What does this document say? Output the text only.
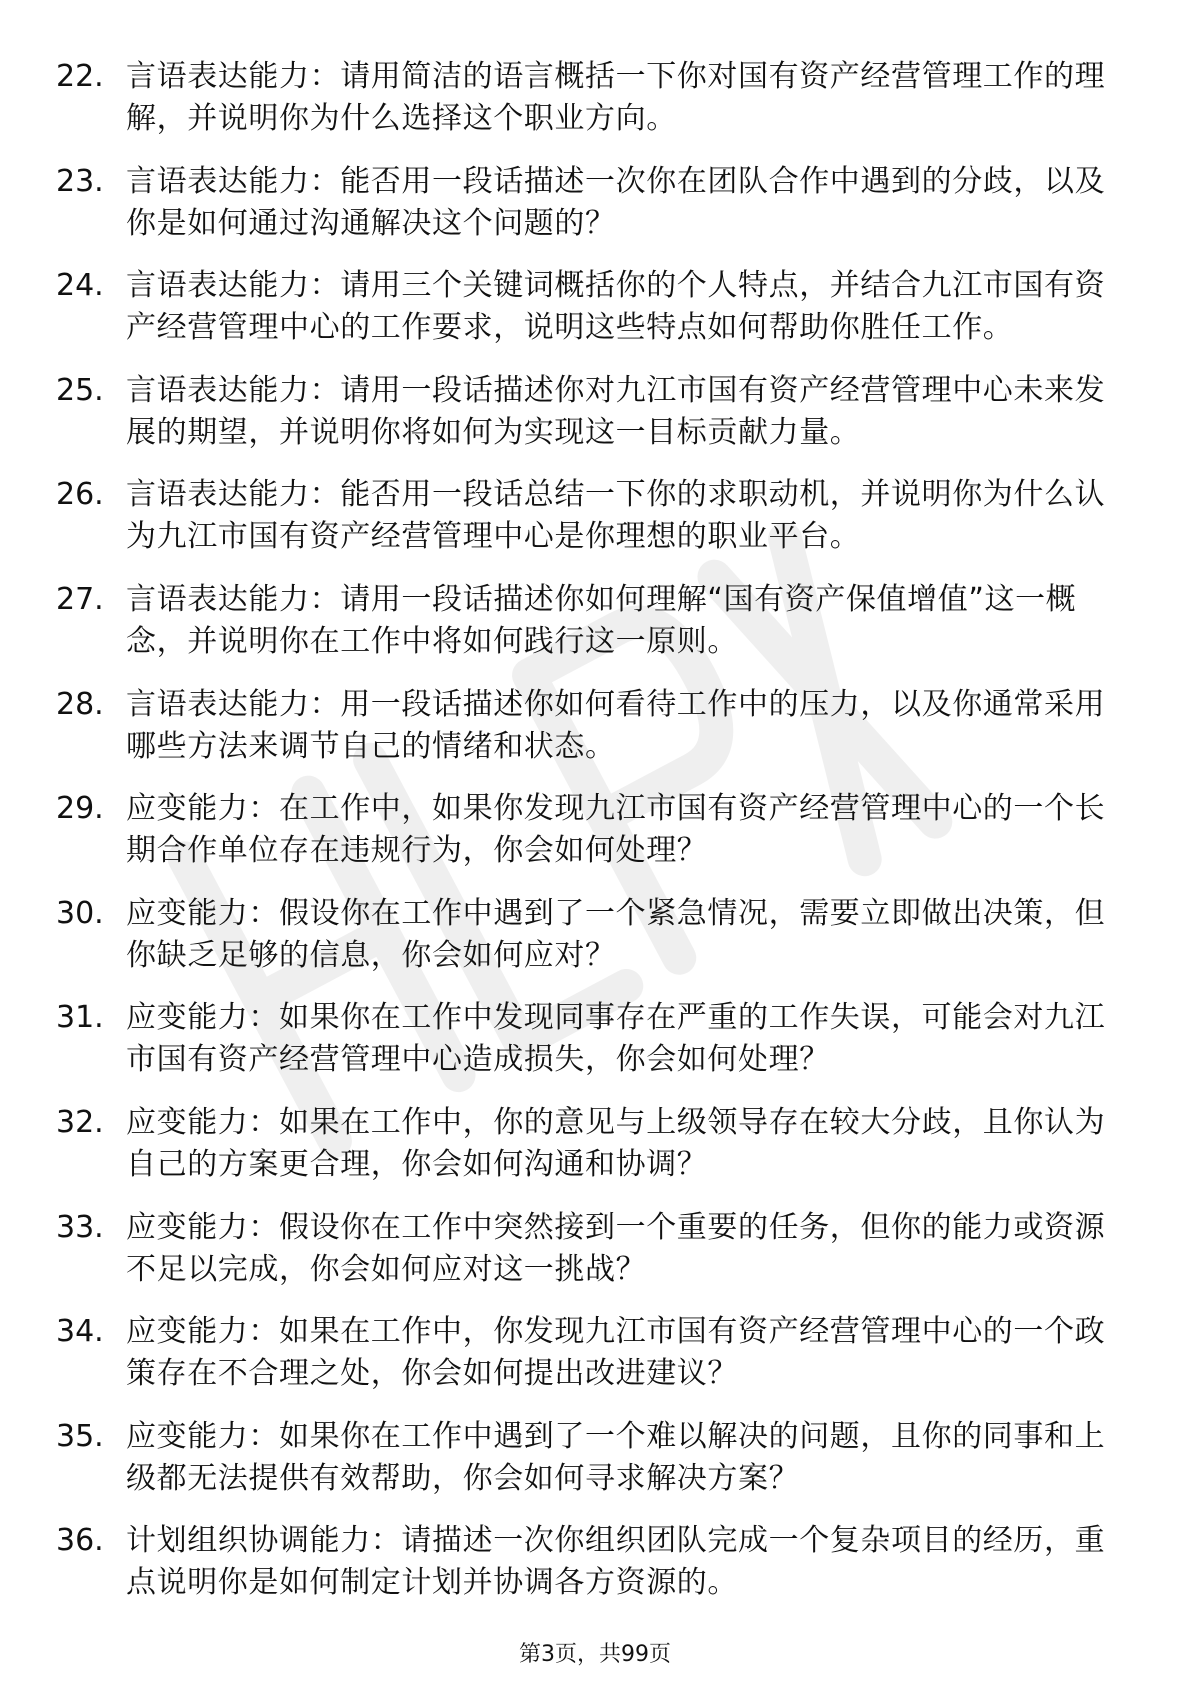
22. 言语表达能力：请用简洁的语言概括一下你对国有资产经营管理工作的理解，并说明你为什么选择这个职业方向。
23. 言语表达能力：能否用一段话描述一次你在团队合作中遇到的分歧，以及你是如何通过沟通解决这个问题的？
24. 言语表达能力：请用三个关键词概括你的个人特点，并结合九江市国有资产经营管理中心的工作要求，说明这些特点如何帮助你胜任工作。
25. 言语表达能力：请用一段话描述你对九江市国有资产经营管理中心未来发展的期望，并说明你将如何为实现这一目标贡献力量。
26. 言语表达能力：能否用一段话总结一下你的求职动机，并说明你为什么认为九江市国有资产经营管理中心是你理想的职业平台。
27. 言语表达能力：请用一段话描述你如何理解“国有资产保值增值”这一概念，并说明你在工作中将如何践行这一原则。
28. 言语表达能力：用一段话描述你如何看待工作中的压力，以及你通常采用哪些方法来调节自己的情绪和状态。
29. 应变能力：在工作中，如果你发现九江市国有资产经营管理中心的一个长期合作单位存在违规行为，你会如何处理？
30. 应变能力：假设你在工作中遇到了一个紧急情况，需要立即做出决策，但你缺乏足够的信息，你会如何应对？
31. 应变能力：如果你在工作中发现同事存在严重的工作失误，可能会对九江市国有资产经营管理中心造成损失，你会如何处理？
32. 应变能力：如果在工作中，你的意见与上级领导存在较大分歧，且你认为自己的方案更合理，你会如何沟通和协调？
33. 应变能力：假设你在工作中突然接到一个重要的任务，但你的能力或资源不足以完成，你会如何应对这一挑战？
34. 应变能力：如果在工作中，你发现九江市国有资产经营管理中心的一个政策存在不合理之处，你会如何提出改进建议？
35. 应变能力：如果你在工作中遇到了一个难以解决的问题，且你的同事和上级都无法提供有效帮助，你会如何寻求解决方案？
36. 计划组织协调能力：请描述一次你组织团队完成一个复杂项目的经历，重点说明你是如何制定计划并协调各方资源的。
第3页，共99页
